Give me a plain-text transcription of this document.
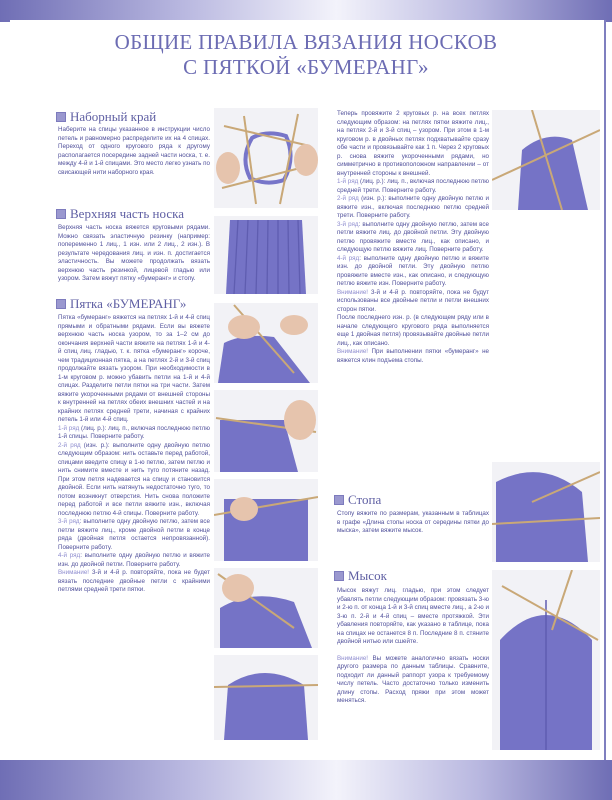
ОБЩИЕ ПРАВИЛА ВЯЗАНИЯ НОСКОВ
С ПЯТКОЙ «БУМЕРАНГ»
Наборный край

Наберите на спицы указанное в инструкции число петель и равномерно распределите их на 4 спицах. Переход от одного кругового ряда к другому располагается посередине задней части носка, т. е. между 4-й и 1-й спицами. Это место легко узнать по свисающей нити наборного края.

Верхняя часть носка

Верхняя часть носка вяжется круговыми рядами. Можно связать эластичную резинку (например: попеременно 1 лиц., 1 изн. или 2 лиц., 2 изн.). В результате чередования лиц. и изн. п. достигается эластичность. Вы можете продолжать вязать верхнюю часть резинкой, лицевой гладью или узором. Затем вяжут пятку «бумеранг» и стопу.

Пятка «БУМЕРАНГ»

Пятка «бумеранг» вяжется на петлях 1-й и 4-й спиц прямыми и обратными рядами. Если вы вяжете верхнюю часть носка узором, то за 1–2 см до окончания верхней части вяжите на петлях 1-й и 4-й спиц лиц. гладью, т. к. пятка «бумеранг» короче, чем традиционная пятка, а на петлях 2-й и 3-й спиц продолжайте вязать узором. При необходимости в 1-м круговом р. можно убавить петли на 1-й и 4-й спицах. Разделите петли пятки на три части. Затем вяжите укороченными рядами от внешней стороны к внутренней на петлях обеих внешних частей и на крайних петлях средней трети, начиная с крайних петель 1-й или 4-й спиц.

1-й ряд (лиц. р.): лиц. п., включая последнюю петлю 1-й спицы. Поверните работу.

2-й ряд (изн. р.): выполните одну двойную петлю следующим образом: нить оставьте перед работой, спицами введите спицу в 1-ю петлю, затем петлю и нить снимите вместе и нить туго потяните назад. При этом петля надевается на спицу и становится двойной. Если нить натянуть недостаточно туго, то потом возникнут отверстия. Нить снова положите перед работой и все петли вяжите изн., включая последнюю петлю 4-й спицы. Поверните работу.

3-й ряд: выполните одну двойную петлю, затем все петли вяжите лиц., кроме двойной петли в конце ряда (двойная петля остается непровязанной). Поверните работу.

4-й ряд: выполните одну двойную петлю и вяжите изн. до двойной петли. Поверните работу.

Внимание! 3-й и 4-й р. повторяйте, пока не будет вязать последние двойные петли с крайними петлями средней трети пятки.

Теперь провяжите 2 круговых р. на всех петлях следующим образом: на петлях пятки вяжите лиц., на петлях 2-й и 3-й спиц – узором. При этом в 1-м круговом р. в двойных петлях подхватывайте сразу обе части и провязывайте как 1 п. Через 2 круговых р. снова вяжите укороченными рядами, но симметрично в противоположном направлении – от внутренней стороны к внешней.

1-й ряд (лиц. р.): лиц. п., включая последнюю петлю средней трети. Поверните работу.

2-й ряд (изн. р.): выполните одну двойную петлю и вяжите изн., включая последнюю петлю средней трети. Поверните работу.

3-й ряд: выполните одну двойную петлю, затем все петли вяжите лиц. до двойной петли. Эту двойную петлю провяжите вместе лиц., как описано, и следующую петлю вяжите лиц. Поверните работу.

4-й ряд: выполните одну двойную петлю и вяжите изн. до двойной петли. Эту двойную петлю провяжите вместе изн., как описано, и следующую петлю вяжите изн. Поверните работу.

Внимание! 3-й и 4-й р. повторяйте, пока не будут использованы все двойные петли и петли внешних сторон пятки.

После последнего изн. р. (в следующем ряду или в начале следующего кругового ряда выполняется еще 1 двойная петля) провязывайте двойные петли лиц., как описано.

Внимание! При выполнении пятки «бумеранг» не вяжется клин подъема стопы.

Стопа

Стопу вяжите по размерам, указанным в таблицах в графе «Длина стопы носка от середины пятки до мыска», затем вяжите мысок.

Мысок

Мысок вяжут лиц. гладью, при этом следует убавлять петли следующим образом: провязать 3-ю и 2-ю п. от конца 1-й и 3-й спиц вместе лиц., а 2-ю и 3-ю п. 2-й и 4-й спиц – вместе протяжкой. Эти убавления повторяйте, как указано в таблице, пока на спицах не останется 8 п. Последние 8 п. стяните двойной нитью или сшейте.

Внимание! Вы можете аналогично вязать носки другого размера по данным таблицы. Сравните, подходит ли данный раппорт узора к требуемому числу петель. Часто достаточно только изменить длину стопы. Расход пряжи при этом может меняться.
